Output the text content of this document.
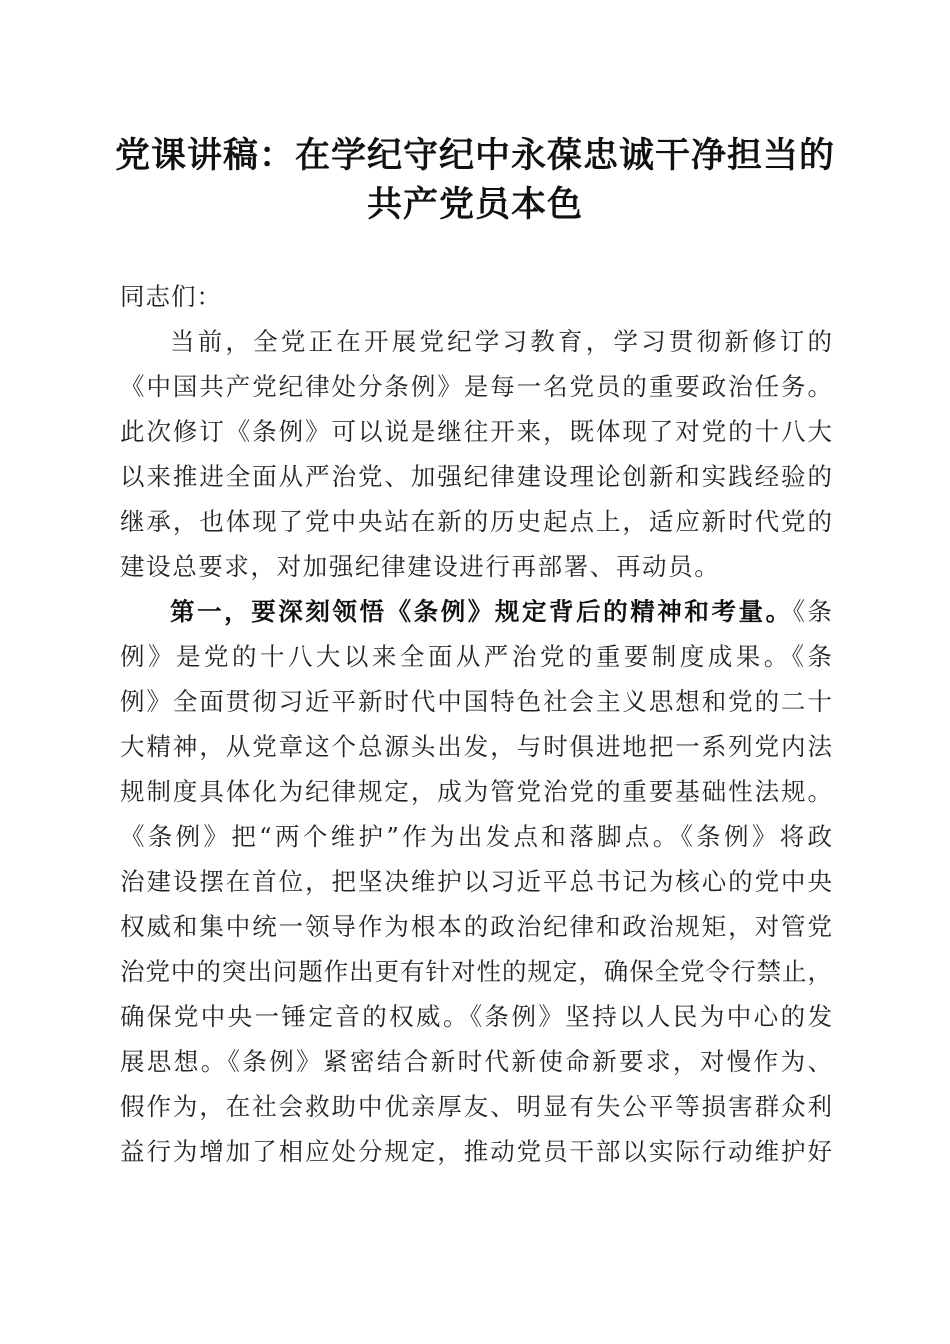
党课讲稿：在学纪守纪中永葆忠诚干净担当的
共产党员本色
同志们：
当前，全党正在开展党纪学习教育，学习贯彻新修订的
《中国共产党纪律处分条例》是每一名党员的重要政治任务。
此次修订《条例》可以说是继往开来，既体现了对党的十八大
以来推进全面从严治党、加强纪律建设理论创新和实践经验的
继承，也体现了党中央站在新的历史起点上，适应新时代党的
建设总要求，对加强纪律建设进行再部署、再动员。
第一，要深刻领悟《条例》规定背后的精神和考量。《条
例》是党的十八大以来全面从严治党的重要制度成果。《条
例》全面贯彻习近平新时代中国特色社会主义思想和党的二十
大精神，从党章这个总源头出发，与时俱进地把一系列党内法
规制度具体化为纪律规定，成为管党治党的重要基础性法规。
《条例》把“两个维护”作为出发点和落脚点。《条例》将政
治建设摆在首位，把坚决维护以习近平总书记为核心的党中央
权威和集中统一领导作为根本的政治纪律和政治规矩，对管党
治党中的突出问题作出更有针对性的规定，确保全党令行禁止，
确保党中央一锤定音的权威。《条例》坚持以人民为中心的发
展思想。《条例》紧密结合新时代新使命新要求，对慢作为、
假作为，在社会救助中优亲厚友、明显有失公平等损害群众利
益行为增加了相应处分规定，推动党员干部以实际行动维护好
